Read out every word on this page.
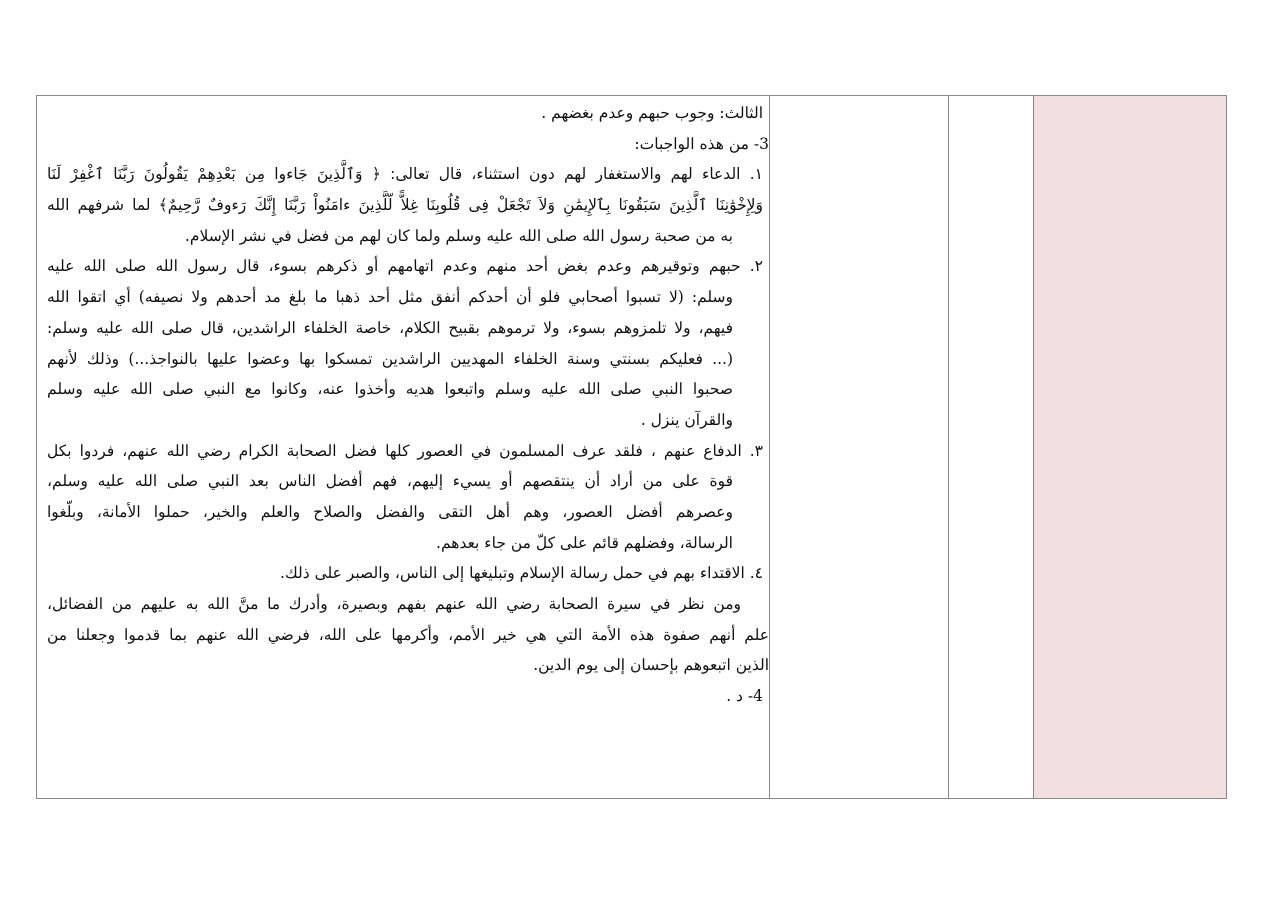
الثالث: وجوب حبهم وعدم بغضهم .
3- من هذه الواجبات:
١. الدعاء لهم والاستغفار لهم دون استثناء، قال تعالى: ﴿ وَٱلَّذِينَ جَاءوا مِن بَعْدِهِمْ يَقُولُونَ رَبَّنَا ٱغْفِرْ لَنَا
وَلِإِخْوَٰنِنَا ٱلَّذِينَ سَبَقُونَا بِٱلإِيمَٰنِ وَلاَ تَجْعَلْ فِى قُلُوبِنَا غِلاًّ لّلَّذِينَ ءامَنُواْ رَبَّنَا إِنَّكَ رَءوفٌ رَّحِيمٌ﴾ لما شرفهم الله
به من صحبة رسول الله صلى الله عليه وسلم ولما كان لهم من فضل في نشر الإسلام.
٢. حبهم وتوقيرهم وعدم بغض أحد منهم وعدم اتهامهم أو ذكرهم بسوء، قال رسول الله صلى الله عليه
وسلم: (لا تسبوا أصحابي فلو أن أحدكم أنفق مثل أحد ذهبا ما بلغ مد أحدهم ولا نصيفه) أي اتقوا الله
فيهم، ولا تلمزوهم بسوء، ولا ترموهم بقبيح الكلام، خاصة الخلفاء الراشدين، قال صلى الله عليه وسلم:
(... فعليكم بسنتي وسنة الخلفاء المهديين الراشدين تمسكوا بها وعضوا عليها بالنواجذ...) وذلك لأنهم
صحبوا النبي صلى الله عليه وسلم واتبعوا هديه وأخذوا عنه، وكانوا مع النبي صلى الله عليه وسلم
والقرآن ينزل .
٣. الدفاع عنهم ، فلقد عرف المسلمون في العصور كلها فضل الصحابة الكرام رضي الله عنهم، فردوا بكل
قوة على من أراد أن ينتقصهم أو يسيء إليهم، فهم أفضل الناس بعد النبي صلى الله عليه وسلم،
وعصرهم أفضل العصور، وهم أهل التقى والفضل والصلاح والعلم والخير، حملوا الأمانة، وبلّغوا
الرسالة، وفضلهم قائم على كلّ من جاء بعدهم.
٤. الاقتداء بهم في حمل رسالة الإسلام وتبليغها إلى الناس، والصبر على ذلك.
ومن نظر في سيرة الصحابة رضي الله عنهم بفهم وبصيرة، وأدرك ما منَّ الله به عليهم من الفضائل،
علم أنهم صفوة هذه الأمة التي هي خير الأمم، وأكرمها على الله، فرضي الله عنهم بما قدموا وجعلنا من
الذين اتبعوهم بإحسان إلى يوم الدين.
4- د .
